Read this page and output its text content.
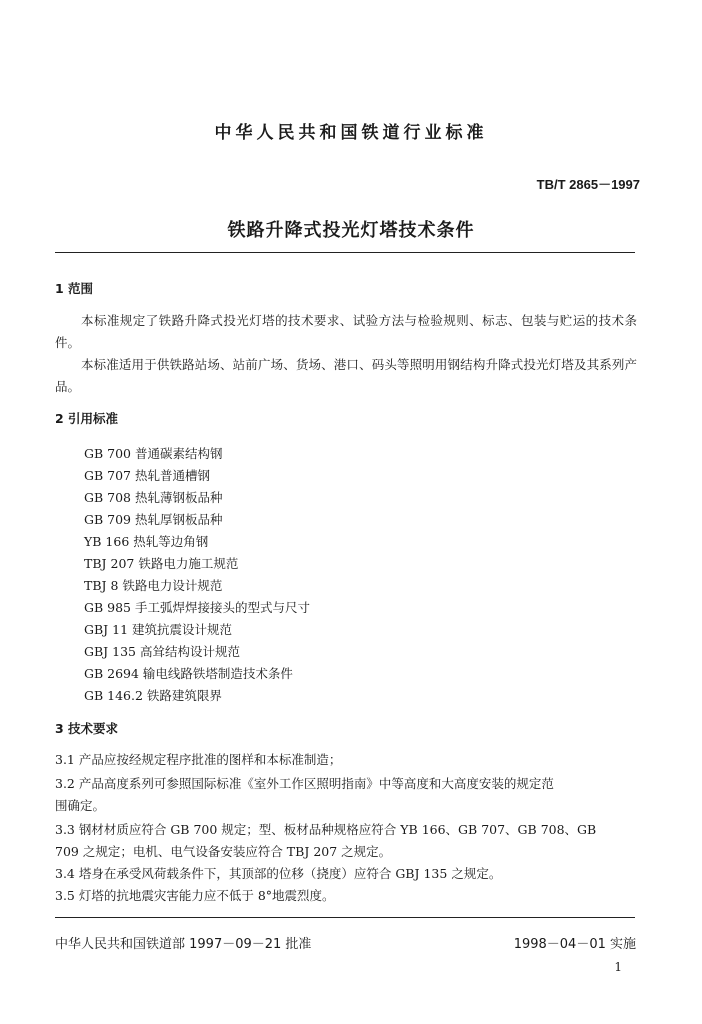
中华人民共和国铁道行业标准
TB/T 2865－1997
铁路升降式投光灯塔技术条件
1 范围
本标准规定了铁路升降式投光灯塔的技术要求、试验方法与检验规则、标志、包装与贮运的技术条件。
本标准适用于供铁路站场、站前广场、货场、港口、码头等照明用钢结构升降式投光灯塔及其系列产品。
2 引用标准
GB 700 普通碳素结构钢
GB 707 热轧普通槽钢
GB 708 热轧薄钢板品种
GB 709 热轧厚钢板品种
YB 166 热轧等边角钢
TBJ 207 铁路电力施工规范
TBJ 8 铁路电力设计规范
GB 985 手工弧焊焊接接头的型式与尺寸
GBJ 11 建筑抗震设计规范
GBJ 135 高耸结构设计规范
GB 2694 输电线路铁塔制造技术条件
GB 146.2 铁路建筑限界
3 技术要求
3.1 产品应按经规定程序批准的图样和本标准制造；
3.2 产品高度系列可参照国际标准《室外工作区照明指南》中等高度和大高度安装的规定范
围确定。
3.3 钢材材质应符合 GB 700 规定；型、板材品种规格应符合 YB 166、GB 707、GB 708、GB
709 之规定；电机、电气设备安装应符合 TBJ 207 之规定。
3.4 塔身在承受风荷载条件下，其顶部的位移（挠度）应符合 GBJ 135 之规定。
3.5 灯塔的抗地震灾害能力应不低于 8°地震烈度。
中华人民共和国铁道部 1997－09－21 批准	1998－04－01 实施
1
